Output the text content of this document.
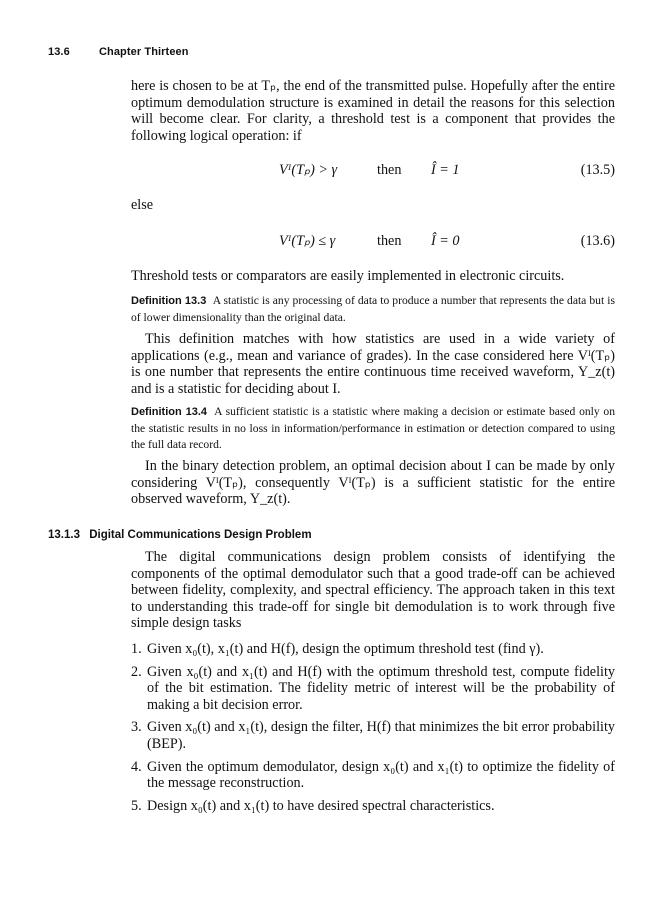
13.6	Chapter Thirteen

here is chosen to be at Tₚ, the end of the transmitted pulse. Hopefully after the entire optimum demodulation structure is examined in detail the reasons for this selection will become clear. For clarity, a threshold test is a component that provides the following logical operation: if

Vᴵ(Tₚ) > γ	then Î = 1	(13.5)

else

Vᴵ(Tₚ) ≤ γ	then Î = 0	(13.6)

Threshold tests or comparators are easily implemented in electronic circuits.

Definition 13.3 A statistic is any processing of data to produce a number that represents the data but is of lower dimensionality than the original data.

This definition matches with how statistics are used in a wide variety of applications (e.g., mean and variance of grades). In the case considered here Vᴵ(Tₚ) is one number that represents the entire continuous time received waveform, Y_z(t) and is a statistic for deciding about I.

Definition 13.4 A sufficient statistic is a statistic where making a decision or estimate based only on the statistic results in no loss in information/performance in estimation or detection compared to using the full data record.

In the binary detection problem, an optimal decision about I can be made by only considering Vᴵ(Tₚ), consequently Vᴵ(Tₚ) is a sufficient statistic for the entire observed waveform, Y_z(t).

13.1.3 Digital Communications Design Problem

The digital communications design problem consists of identifying the components of the optimal demodulator such that a good trade-off can be achieved between fidelity, complexity, and spectral efficiency. The approach taken in this text to understanding this trade-off for single bit demodulation is to work through five simple design tasks

1. Given x₀(t), x₁(t) and H(f), design the optimum threshold test (find γ).
2. Given x₀(t) and x₁(t) and H(f) with the optimum threshold test, compute fidelity of the bit estimation. The fidelity metric of interest will be the probability of making a bit decision error.
3. Given x₀(t) and x₁(t), design the filter, H(f) that minimizes the bit error probability (BEP).
4. Given the optimum demodulator, design x₀(t) and x₁(t) to optimize the fidelity of the message reconstruction.
5. Design x₀(t) and x₁(t) to have desired spectral characteristics.
